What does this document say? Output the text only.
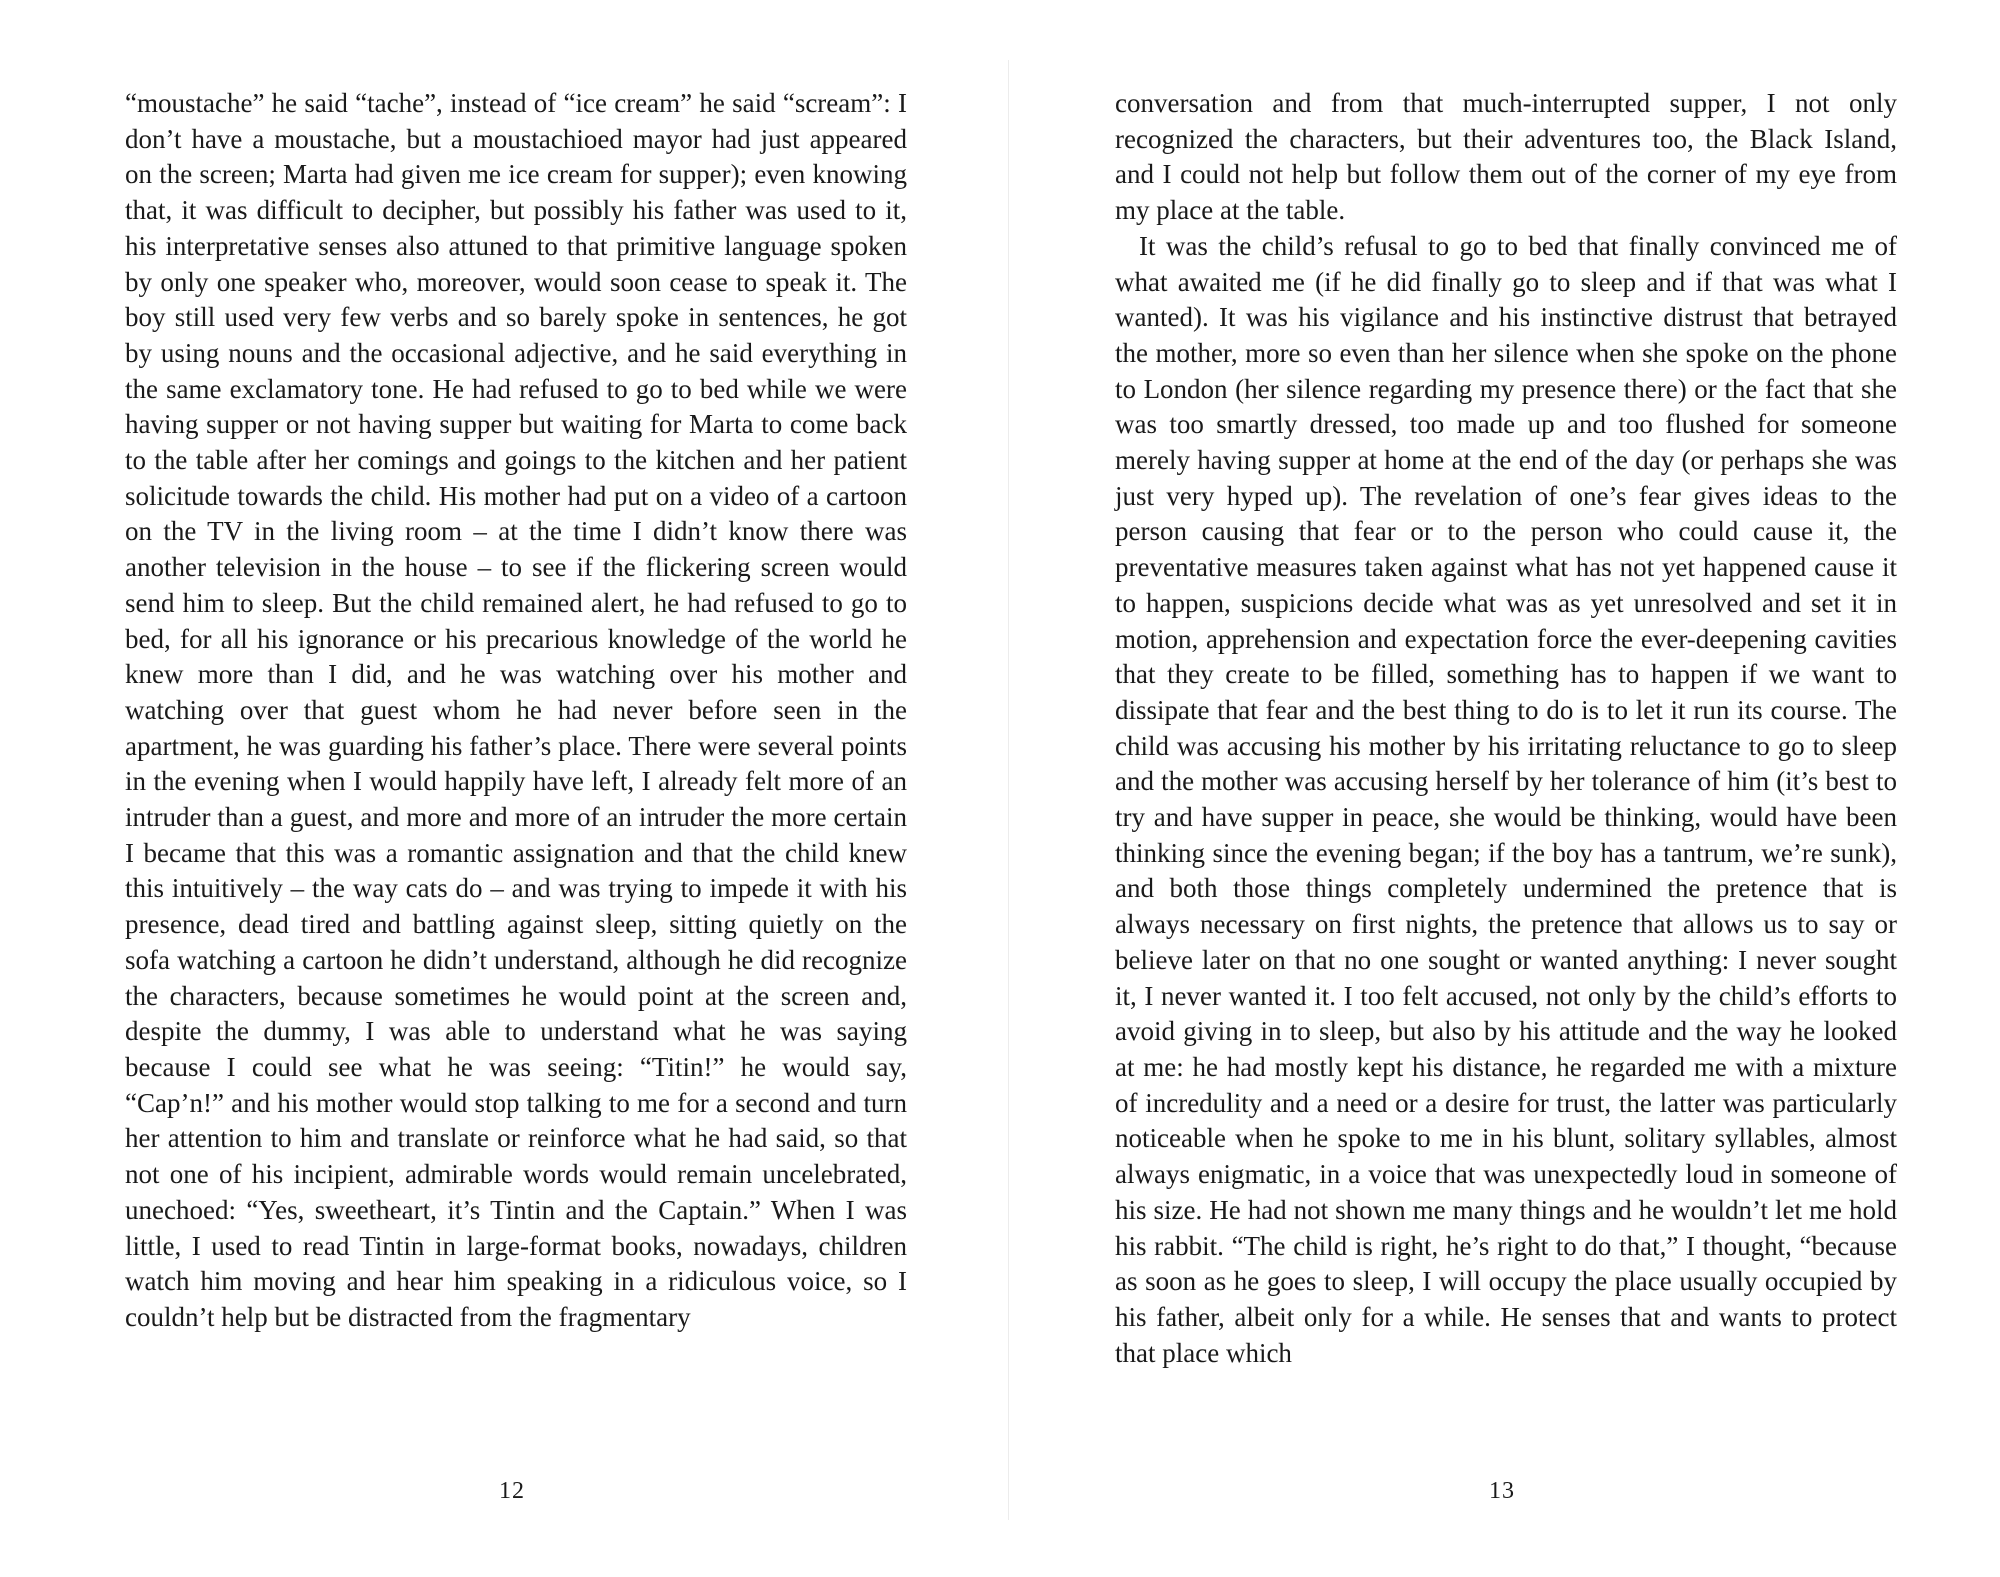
“moustache” he said “tache”, instead of “ice cream” he said “scream”: I don’t have a moustache, but a moustachioed mayor had just appeared on the screen; Marta had given me ice cream for supper); even knowing that, it was difficult to decipher, but possibly his father was used to it, his interpretative senses also attuned to that primitive language spoken by only one speaker who, moreover, would soon cease to speak it. The boy still used very few verbs and so barely spoke in sentences, he got by using nouns and the occasional adjective, and he said everything in the same exclamatory tone. He had refused to go to bed while we were having supper or not having supper but waiting for Marta to come back to the table after her comings and goings to the kitchen and her patient solicitude towards the child. His mother had put on a video of a cartoon on the TV in the living room – at the time I didn’t know there was another television in the house – to see if the flickering screen would send him to sleep. But the child remained alert, he had refused to go to bed, for all his ignorance or his precarious knowledge of the world he knew more than I did, and he was watching over his mother and watching over that guest whom he had never before seen in the apartment, he was guarding his father’s place. There were several points in the evening when I would happily have left, I already felt more of an intruder than a guest, and more and more of an intruder the more certain I became that this was a romantic assignation and that the child knew this intuitively – the way cats do – and was trying to impede it with his presence, dead tired and battling against sleep, sitting quietly on the sofa watching a cartoon he didn’t understand, although he did recognize the characters, because sometimes he would point at the screen and, despite the dummy, I was able to understand what he was saying because I could see what he was seeing: “Titin!” he would say, “Cap’n!” and his mother would stop talking to me for a second and turn her attention to him and translate or reinforce what he had said, so that not one of his incipient, admirable words would remain uncelebrated, unechoed: “Yes, sweetheart, it’s Tintin and the Captain.” When I was little, I used to read Tintin in large-format books, nowadays, children watch him moving and hear him speaking in a ridiculous voice, so I couldn’t help but be distracted from the fragmentary

12

conversation and from that much-interrupted supper, I not only recognized the characters, but their adventures too, the Black Island, and I could not help but follow them out of the corner of my eye from my place at the table.

It was the child’s refusal to go to bed that finally convinced me of what awaited me (if he did finally go to sleep and if that was what I wanted). It was his vigilance and his instinctive distrust that betrayed the mother, more so even than her silence when she spoke on the phone to London (her silence regarding my presence there) or the fact that she was too smartly dressed, too made up and too flushed for someone merely having supper at home at the end of the day (or perhaps she was just very hyped up). The revelation of one’s fear gives ideas to the person causing that fear or to the person who could cause it, the preventative measures taken against what has not yet happened cause it to happen, suspicions decide what was as yet unresolved and set it in motion, apprehension and expectation force the ever-deepening cavities that they create to be filled, something has to happen if we want to dissipate that fear and the best thing to do is to let it run its course. The child was accusing his mother by his irritating reluctance to go to sleep and the mother was accusing herself by her tolerance of him (it’s best to try and have supper in peace, she would be thinking, would have been thinking since the evening began; if the boy has a tantrum, we’re sunk), and both those things completely undermined the pretence that is always necessary on first nights, the pretence that allows us to say or believe later on that no one sought or wanted anything: I never sought it, I never wanted it. I too felt accused, not only by the child’s efforts to avoid giving in to sleep, but also by his attitude and the way he looked at me: he had mostly kept his distance, he regarded me with a mixture of incredulity and a need or a desire for trust, the latter was particularly noticeable when he spoke to me in his blunt, solitary syllables, almost always enigmatic, in a voice that was unexpectedly loud in someone of his size. He had not shown me many things and he wouldn’t let me hold his rabbit. “The child is right, he’s right to do that,” I thought, “because as soon as he goes to sleep, I will occupy the place usually occupied by his father, albeit only for a while. He senses that and wants to protect that place which

13
